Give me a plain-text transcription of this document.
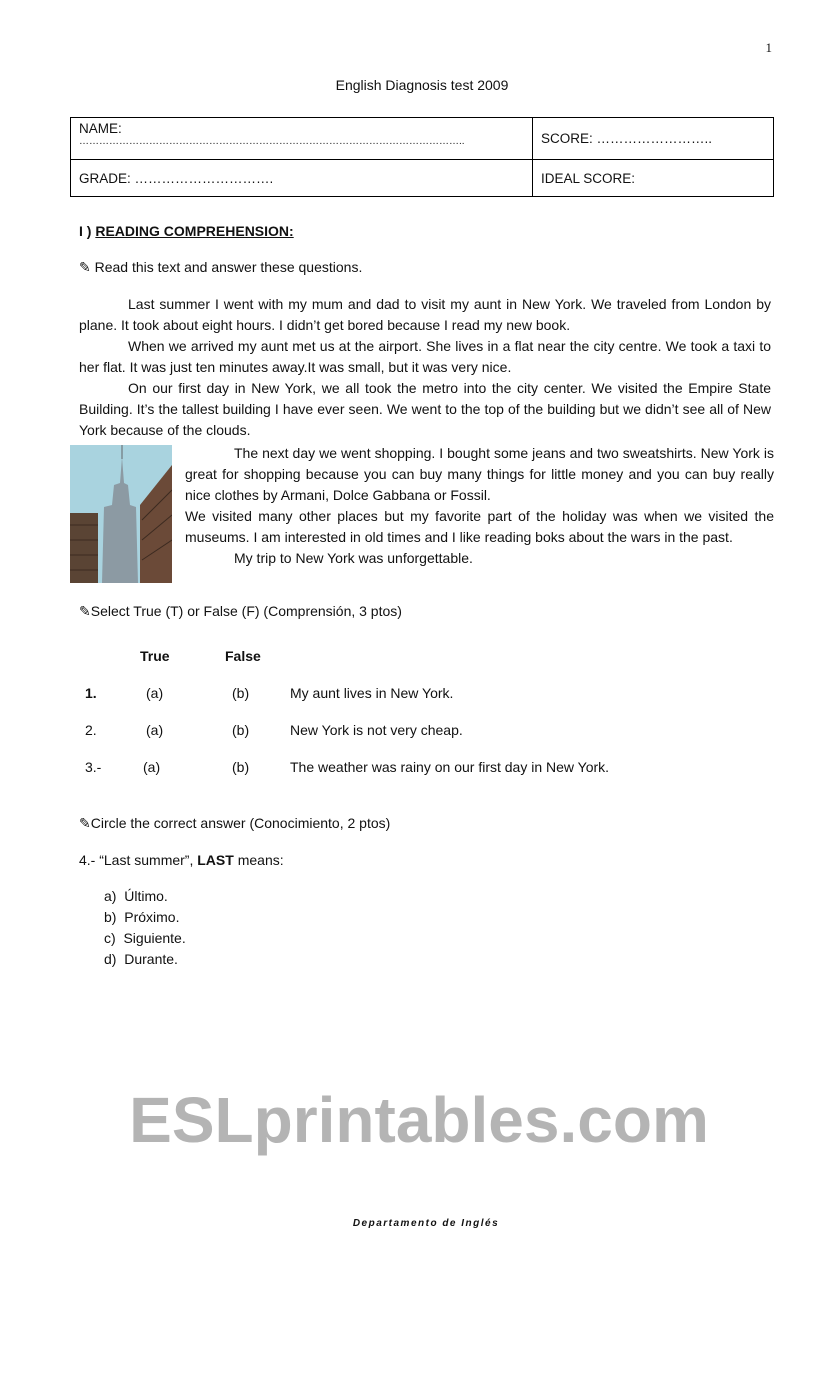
1
English Diagnosis test 2009
NAME:
……………………………………………………………………………………………………..	SCORE: ……………………..
GRADE: ………………………….	IDEAL SCORE:
I ) READING COMPREHENSION:
✎ Read this text and answer these questions.

Last summer I went with my mum and dad to visit my aunt in New York. We traveled from London by plane. It took about eight hours. I didn’t get bored because I read my new book.

When we arrived my aunt met us at the airport. She lives in a flat near the city centre. We took a taxi to her flat. It was just ten minutes away.It was small, but it was very nice.

On our first day in New York, we all took the metro into the city center. We visited the Empire State Building. It’s the tallest building I have ever seen. We went to the top of the building but we didn’t see all of New York because of the clouds.

The next day we went shopping. I bought some jeans and two sweatshirts. New York is great for shopping because you can buy many things for little money and you can buy really nice clothes by Armani, Dolce Gabbana or Fossil.

We visited many other places but my favorite part of the holiday was when we visited the museums. I am interested in old times and I like reading boks about the wars in the past.

My trip to New York was unforgettable.

✎Select True (T) or False (F) (Comprensión, 3 ptos)
True	False
1.	(a)	(b)	My aunt lives in New York.
2.	(a)	(b)	New York is not very cheap.
3.-	(a)	(b)	The weather was rainy on our first day in New York.
✎Circle the correct answer (Conocimiento, 2 ptos)
4.- “Last summer”, LAST means:
a) Último.
b) Próximo.
c) Siguiente.
d) Durante.
ESLprintables.com
Departamento de Inglés
